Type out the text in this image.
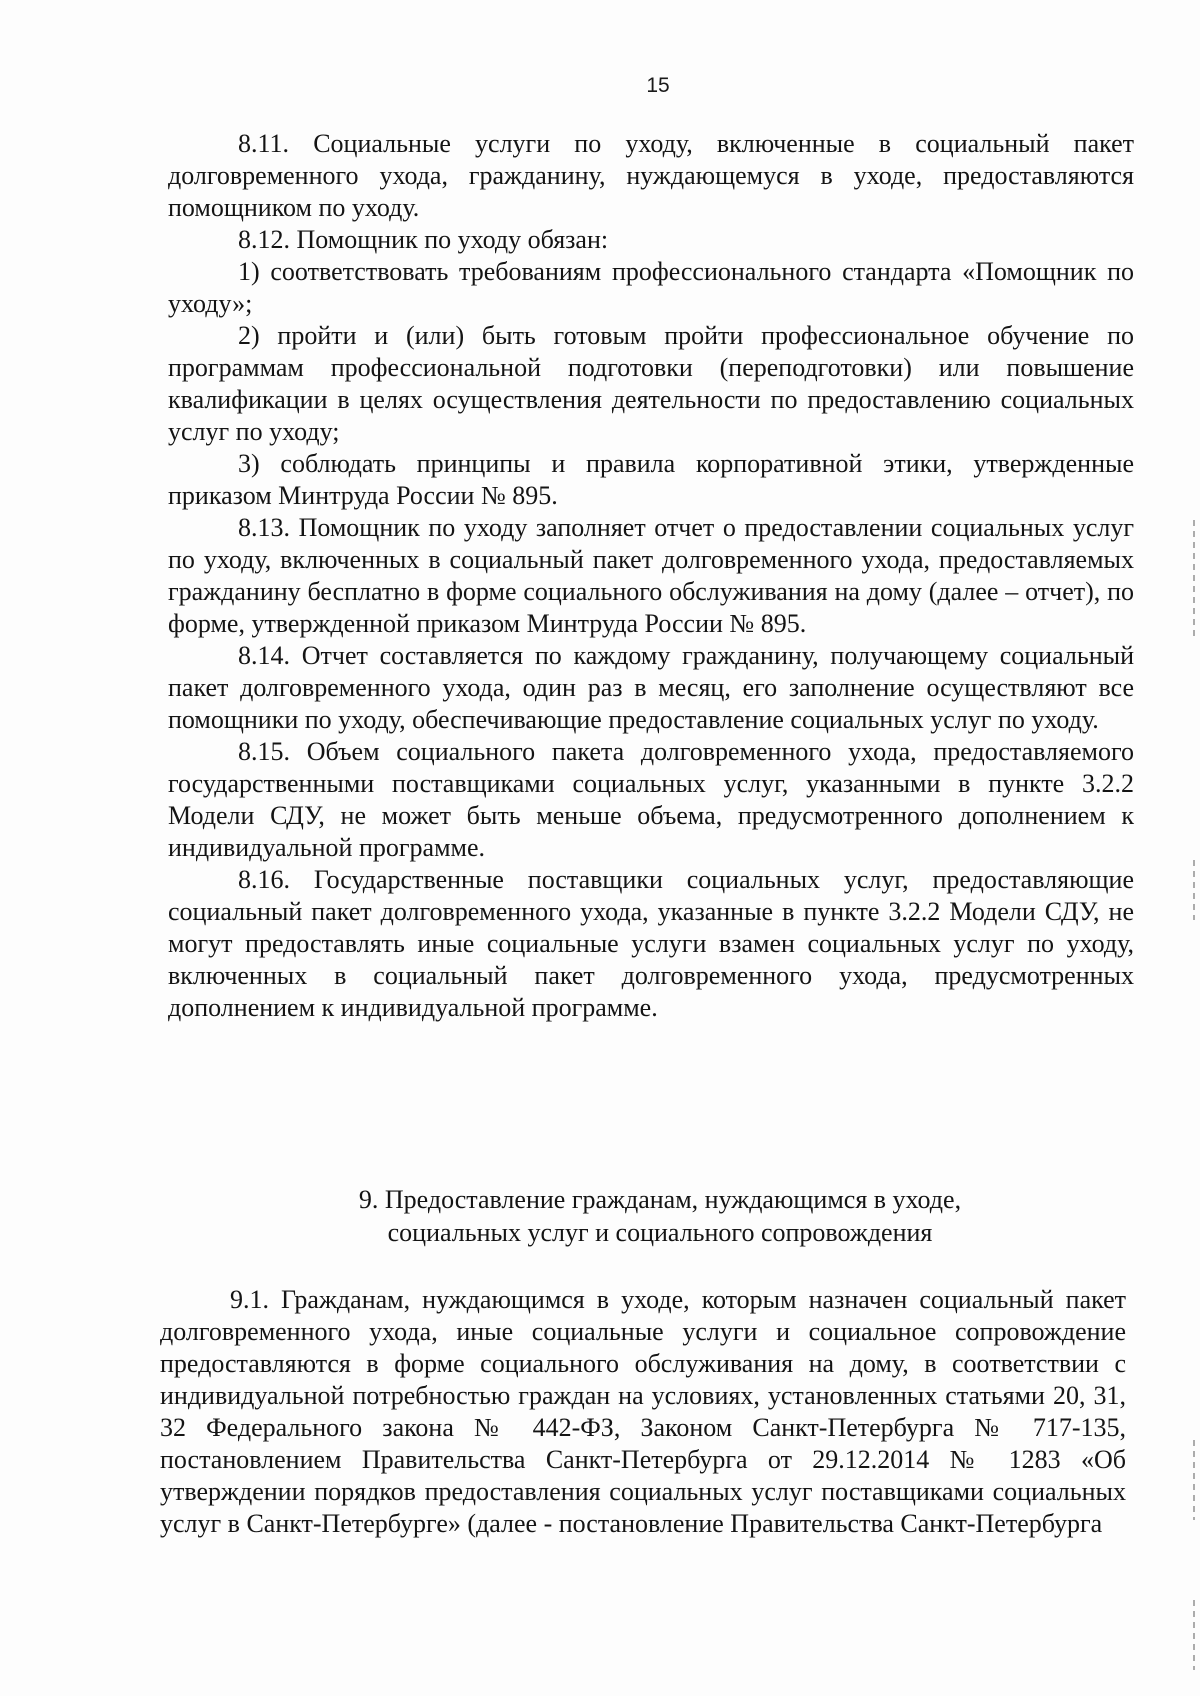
15

8.11. Социальные услуги по уходу, включенные в социальный пакет долговременного ухода, гражданину, нуждающемуся в уходе, предоставляются помощником по уходу.

8.12. Помощник по уходу обязан:

1) соответствовать требованиям профессионального стандарта «Помощник по уходу»;

2) пройти и (или) быть готовым пройти профессиональное обучение по программам профессиональной подготовки (переподготовки) или повышение квалификации в целях осуществления деятельности по предоставлению социальных услуг по уходу;

3) соблюдать принципы и правила корпоративной этики, утвержденные приказом Минтруда России № 895.

8.13. Помощник по уходу заполняет отчет о предоставлении социальных услуг по уходу, включенных в социальный пакет долговременного ухода, предоставляемых гражданину бесплатно в форме социального обслуживания на дому (далее – отчет), по форме, утвержденной приказом Минтруда России № 895.

8.14. Отчет составляется по каждому гражданину, получающему социальный пакет долговременного ухода, один раз в месяц, его заполнение осуществляют все помощники по уходу, обеспечивающие предоставление социальных услуг по уходу.

8.15. Объем социального пакета долговременного ухода, предоставляемого государственными поставщиками социальных услуг, указанными в пункте 3.2.2 Модели СДУ, не может быть меньше объема, предусмотренного дополнением к индивидуальной программе.

8.16. Государственные поставщики социальных услуг, предоставляющие социальный пакет долговременного ухода, указанные в пункте 3.2.2 Модели СДУ, не могут предоставлять иные социальные услуги взамен социальных услуг по уходу, включенных в социальный пакет долговременного ухода, предусмотренных дополнением к индивидуальной программе.

9. Предоставление гражданам, нуждающимся в уходе,
социальных услуг и социального сопровождения

9.1. Гражданам, нуждающимся в уходе, которым назначен социальный пакет долговременного ухода, иные социальные услуги и социальное сопровождение предоставляются в форме социального обслуживания на дому, в соответствии с индивидуальной потребностью граждан на условиях, установленных статьями 20, 31, 32 Федерального закона № 442-ФЗ, Законом Санкт-Петербурга № 717-135, постановлением Правительства Санкт-Петербурга от 29.12.2014 № 1283 «Об утверждении порядков предоставления социальных услуг поставщиками социальных услуг в Санкт-Петербурге» (далее - постановление Правительства Санкт-Петербурга
